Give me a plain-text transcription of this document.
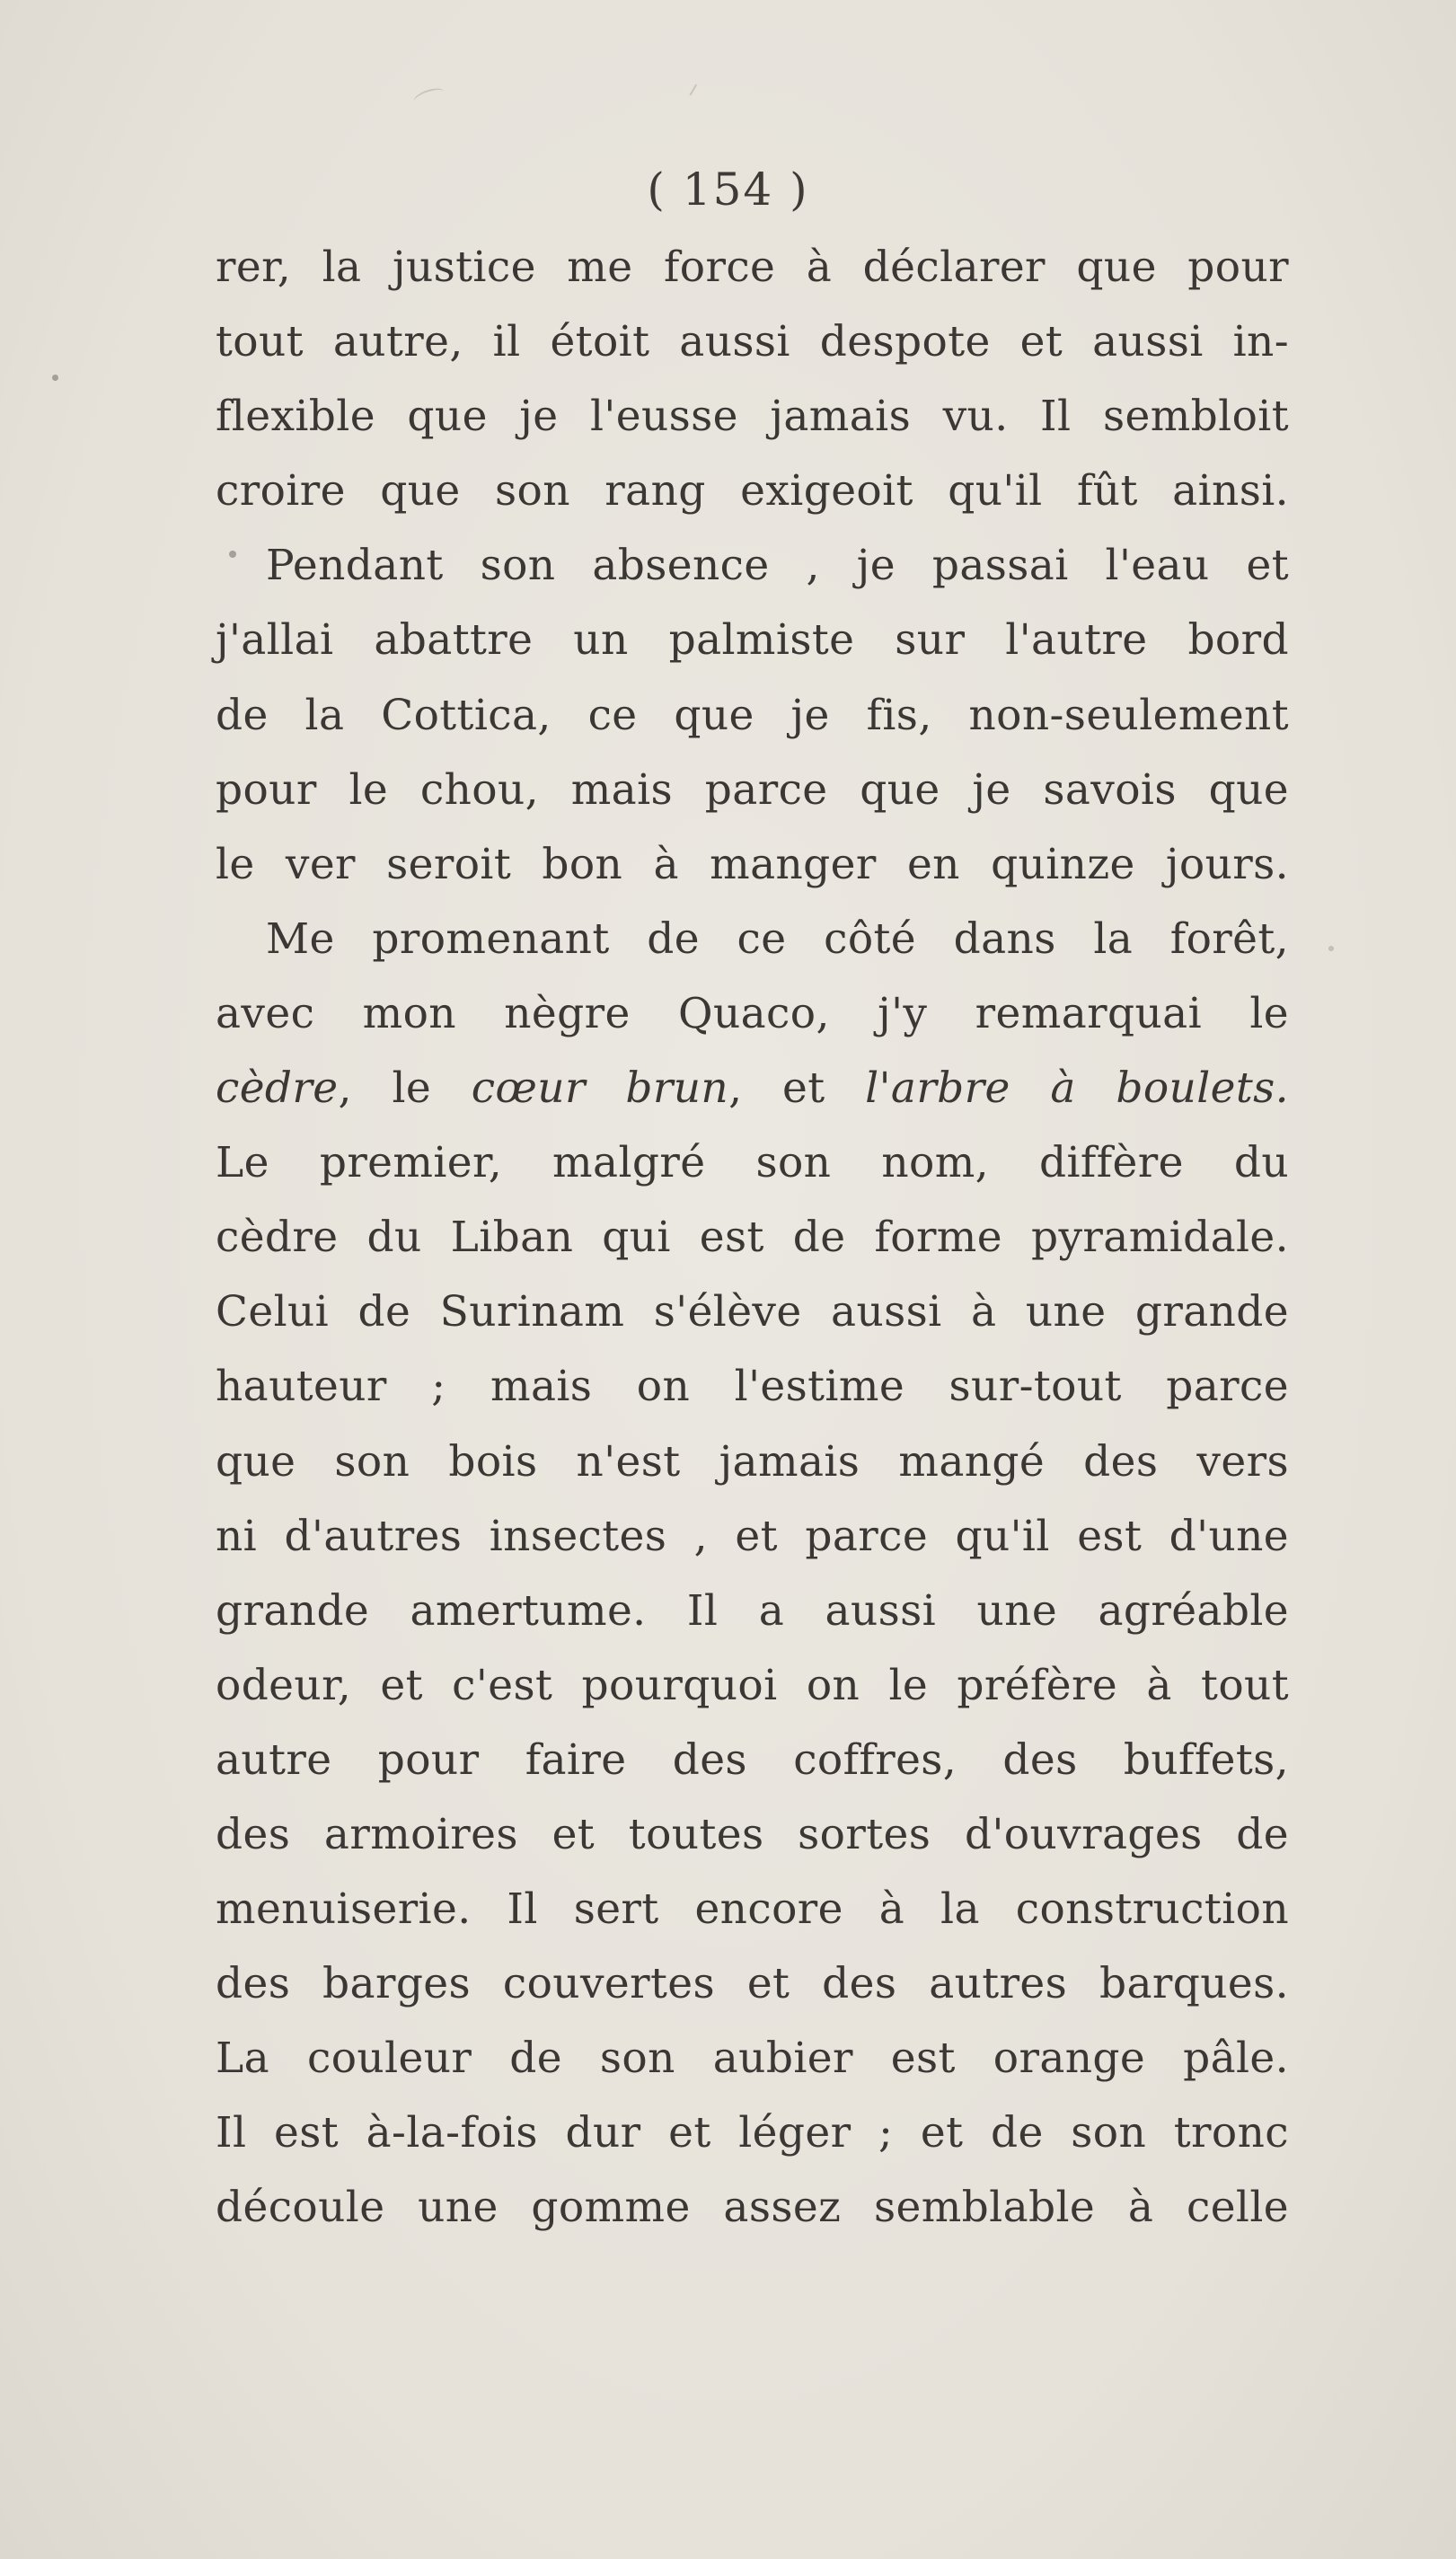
( 154 )
rer, la justice me force à déclarer que pour
tout autre, il étoit aussi despote et aussi in-
flexible que je l'eusse jamais vu. Il sembloit
croire que son rang exigeoit qu'il fût ainsi.
Pendant son absence , je passai l'eau et
j'allai abattre un palmiste sur l'autre bord
de la Cottica, ce que je fis, non-seulement
pour le chou, mais parce que je savois que
le ver seroit bon à manger en quinze jours.
Me promenant de ce côté dans la forêt,
avec mon nègre Quaco, j'y remarquai le
cèdre, le cœur brun, et l'arbre à boulets.
Le premier, malgré son nom, diffère du
cèdre du Liban qui est de forme pyramidale.
Celui de Surinam s'élève aussi à une grande
hauteur ; mais on l'estime sur-tout parce
que son bois n'est jamais mangé des vers
ni d'autres insectes , et parce qu'il est d'une
grande amertume. Il a aussi une agréable
odeur, et c'est pourquoi on le préfère à tout
autre pour faire des coffres, des buffets,
des armoires et toutes sortes d'ouvrages de
menuiserie. Il sert encore à la construction
des barges couvertes et des autres barques.
La couleur de son aubier est orange pâle.
Il est à-la-fois dur et léger ; et de son tronc
découle une gomme assez semblable à celle
